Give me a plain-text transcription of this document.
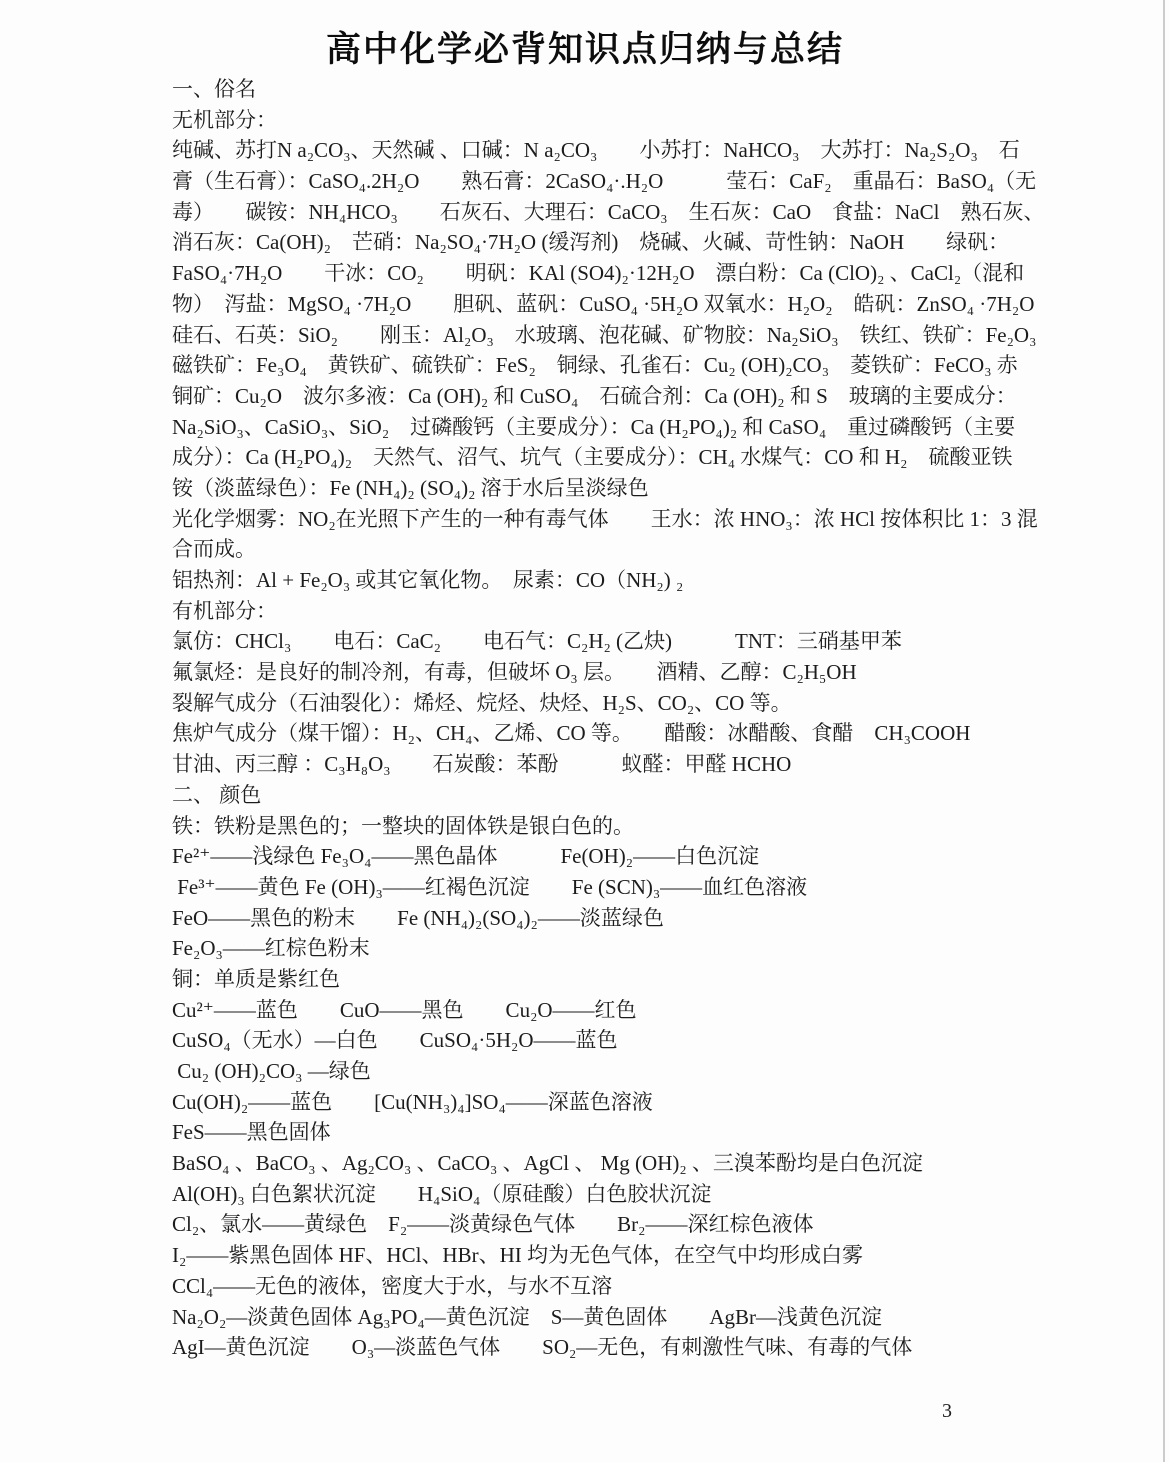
高中化学必背知识点归纳与总结
一、俗名
无机部分：
纯碱、苏打N a₂CO₃、天然碱 、口碱：N a₂CO₃　　小苏打：NaHCO₃　大苏打：Na₂S₂O₃　石
膏（生石膏）：CaSO₄.2H₂O　　熟石膏：2CaSO₄·.H₂O　　　莹石：CaF₂　重晶石：BaSO₄（无
毒）　　碳铵：NH₄HCO₃　　石灰石、大理石：CaCO₃　生石灰：CaO　食盐：NaCl　熟石灰、
消石灰：Ca(OH)₂　芒硝：Na₂SO₄·7H₂O (缓泻剂)　烧碱、火碱、苛性钠：NaOH　　绿矾：
FaSO₄·7H₂O　　干冰：CO₂　　明矾：KAl (SO4)₂·12H₂O　漂白粉：Ca (ClO)₂ 、CaCl₂（混和
物）　泻盐：MgSO₄ ·7H₂O　　胆矾、蓝矾：CuSO₄ ·5H₂O 双氧水：H₂O₂　皓矾：ZnSO₄ ·7H₂O
硅石、石英：SiO₂　　刚玉：Al₂O₃　水玻璃、泡花碱、矿物胶：Na₂SiO₃　铁红、铁矿：Fe₂O₃
磁铁矿：Fe₃O₄　黄铁矿、硫铁矿：FeS₂　铜绿、孔雀石：Cu₂ (OH)₂CO₃　菱铁矿：FeCO₃ 赤
铜矿：Cu₂O　波尔多液：Ca (OH)₂ 和 CuSO₄　石硫合剂：Ca (OH)₂ 和 S　玻璃的主要成分：
Na₂SiO₃、CaSiO₃、SiO₂　过磷酸钙（主要成分）：Ca (H₂PO₄)₂ 和 CaSO₄　重过磷酸钙（主要
成分）：Ca (H₂PO₄)₂　天然气、沼气、坑气（主要成分）：CH₄ 水煤气：CO 和 H₂　硫酸亚铁
铵（淡蓝绿色）：Fe (NH₄)₂ (SO₄)₂ 溶于水后呈淡绿色
光化学烟雾：NO₂在光照下产生的一种有毒气体　　王水：浓 HNO₃：浓 HCl 按体积比 1：3 混
合而成。
铝热剂：Al + Fe₂O₃ 或其它氧化物。　尿素：CO（NH₂) ₂
有机部分：
氯仿：CHCl₃　　电石：CaC₂　　电石气：C₂H₂ (乙炔)　　　TNT：三硝基甲苯
氟氯烃：是良好的制冷剂，有毒，但破坏 O₃ 层。　　酒精、乙醇：C₂H₅OH
裂解气成分（石油裂化）：烯烃、烷烃、炔烃、H₂S、CO₂、CO 等。
焦炉气成分（煤干馏）：H₂、CH₄、乙烯、CO 等。　　醋酸：冰醋酸、食醋　CH₃COOH
甘油、丙三醇 ：C₃H₈O₃　　石炭酸：苯酚　　　蚁醛：甲醛 HCHO
二、 颜色
铁：铁粉是黑色的；一整块的固体铁是银白色的。
Fe²⁺——浅绿色 Fe₃O₄——黑色晶体　　　Fe(OH)₂——白色沉淀
Fe³⁺——黄色 Fe (OH)₃——红褐色沉淀　　Fe (SCN)₃——血红色溶液
FeO——黑色的粉末　　Fe (NH₄)₂(SO₄)₂——淡蓝绿色
Fe₂O₃——红棕色粉末
铜：单质是紫红色
Cu²⁺——蓝色　　CuO——黑色　　Cu₂O——红色
CuSO₄（无水）—白色　　CuSO₄·5H₂O——蓝色
Cu₂ (OH)₂CO₃ —绿色
Cu(OH)₂——蓝色　　[Cu(NH₃)₄]SO₄——深蓝色溶液
FeS——黑色固体
BaSO₄ 、BaCO₃ 、Ag₂CO₃ 、CaCO₃ 、AgCl 、 Mg (OH)₂ 、三溴苯酚均是白色沉淀
Al(OH)₃ 白色絮状沉淀　　H₄SiO₄（原硅酸）白色胶状沉淀
Cl₂、氯水——黄绿色　F₂——淡黄绿色气体　　Br₂——深红棕色液体
I₂——紫黑色固体 HF、HCl、HBr、HI 均为无色气体，在空气中均形成白雾
CCl₄——无色的液体，密度大于水，与水不互溶
Na₂O₂—淡黄色固体 Ag₃PO₄—黄色沉淀　S—黄色固体　　AgBr—浅黄色沉淀
AgI—黄色沉淀　　O₃—淡蓝色气体　　SO₂—无色，有刺激性气味、有毒的气体
3
